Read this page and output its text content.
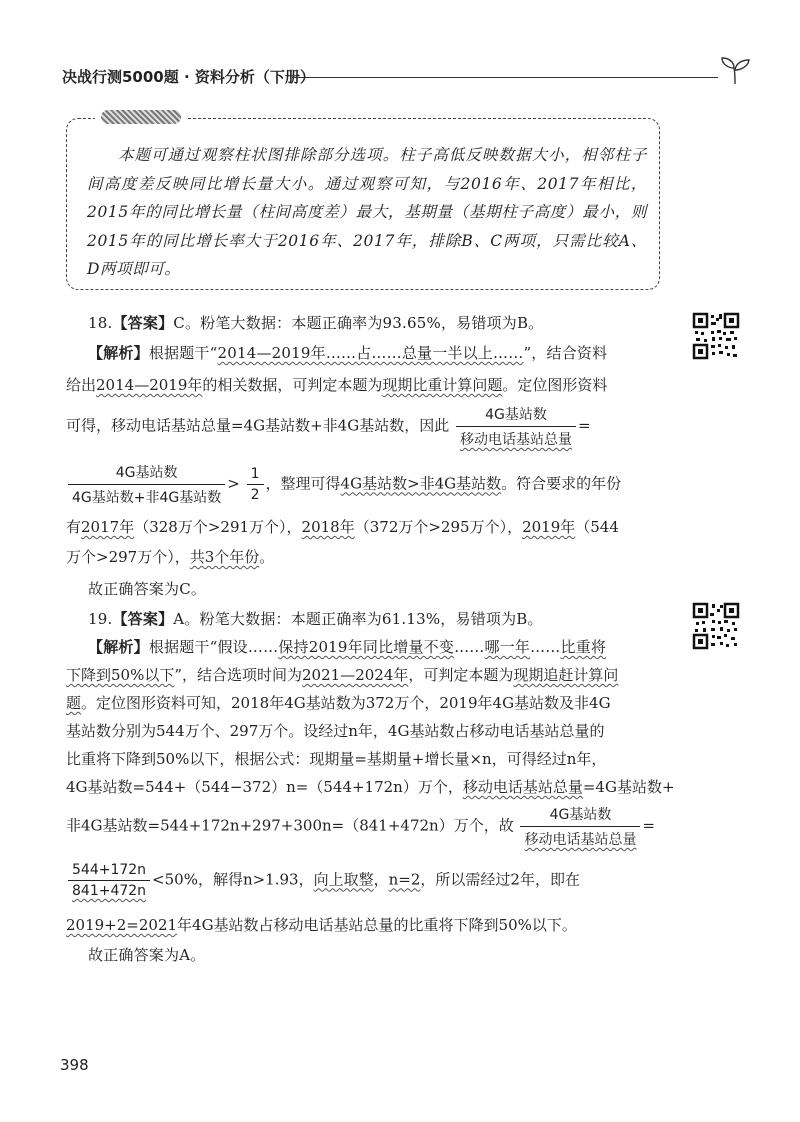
决战行测5000题 · 资料分析（下册）
本题可通过观察柱状图排除部分选项。柱子高低反映数据大小，相邻柱子间高度差反映同比增长量大小。通过观察可知，与2016年、2017年相比，2015年的同比增长量（柱间高度差）最大，基期量（基期柱子高度）最小，则2015年的同比增长率大于2016年、2017年，排除B、C两项，只需比较A、D两项即可。
18.【答案】C。粉笔大数据：本题正确率为93.65%，易错项为B。
【解析】根据题干“2014—2019年……占……总量一半以上……”，结合资料
给出2014—2019年的相关数据，可判定本题为现期比重计算问题。定位图形资料
可得，移动电话基站总量=4G基站数+非4G基站数，因此 $\frac{\text{4G基站数}}{\text{移动电话基站总量}}$ =
$\frac{\text{4G基站数}}{\text{4G基站数+非4G基站数}} > \frac{1}{2}$ ，整理可得4G基站数>非4G基站数。符合要求的年份
有2017年（328万个>291万个），2018年（372万个>295万个），2019年（544
万个>297万个），共3个年份。
故正确答案为C。
19.【答案】A。粉笔大数据：本题正确率为61.13%，易错项为B。
【解析】根据题干“假设……保持2019年同比增量不变……哪一年……比重将
下降到50%以下”，结合选项时间为2021—2024年，可判定本题为现期追赶计算问
题。定位图形资料可知，2018年4G基站数为372万个，2019年4G基站数及非4G
基站数分别为544万个、297万个。设经过n年，4G基站数占移动电话基站总量的
比重将下降到50%以下，根据公式：现期量=基期量+增长量×n，可得经过n年，
4G基站数=544+（544−372）n=（544+172n）万个，移动电话基站总量=4G基站数+
非4G基站数=544+172n+297+300n=（841+472n）万个，故 $\frac{\text{4G基站数}}{\text{移动电话基站总量}}$ =
$\frac{544+172n}{841+472n} <50\%$，解得n>1.93，向上取整，n=2，所以需经过2年，即在
2019+2=2021年4G基站数占移动电话基站总量的比重将下降到50%以下。
故正确答案为A。
398
